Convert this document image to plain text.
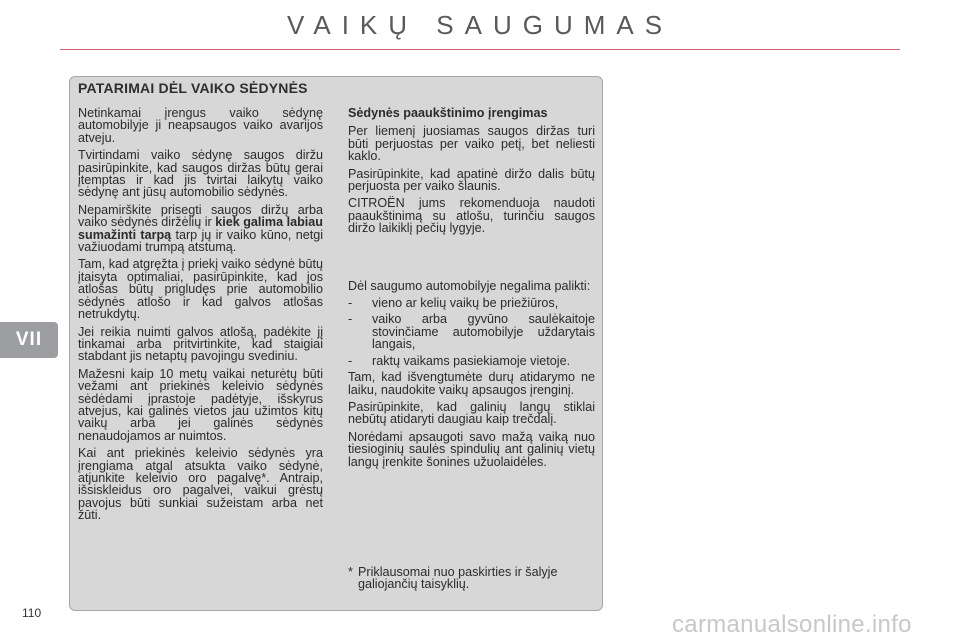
VAIKŲ SAUGUMAS
VII
110
PATARIMAI DĖL VAIKO SĖDYNĖS

Netinkamai įrengus vaiko sėdynę automobilyje ji neapsaugos vaiko avarijos atveju.

Tvirtindami vaiko sėdynę saugos diržu pasirūpinkite, kad saugos diržas būtų gerai įtemptas ir kad jis tvirtai laikytų vaiko sėdynę ant jūsų automobilio sėdynės.

Nepamirškite prisegti saugos diržų arba vaiko sėdynės diržėlių ir kiek galima labiau sumažinti tarpą tarp jų ir vaiko kūno, netgi važiuodami trumpą atstumą.

Tam, kad atgręžta į priekį vaiko sėdynė būtų įtaisyta optimaliai, pasirūpinkite, kad jos atlošas būtų prigludęs prie automobilio sėdynės atlošo ir kad galvos atlošas netrukdytų.

Jei reikia nuimti galvos atlošą, padėkite jį tinkamai arba pritvirtinkite, kad staigiai stabdant jis netaptų pavojingu svediniu.

Mažesni kaip 10 metų vaikai neturėtų būti vežami ant priekinės keleivio sėdynės sėdėdami įprastoje padėtyje, išskyrus atvejus, kai galinės vietos jau užimtos kitų vaikų arba jei galinės sėdynės nenaudojamos ar nuimtos.

Kai ant priekinės keleivio sėdynės yra įrengiama atgal atsukta vaiko sėdynė, atjunkite keleivio oro pagalvę*. Antraip, išsiskleidus oro pagalvei, vaikui grėstų pavojus būti sunkiai sužeistam arba net žūti.

Sėdynės paaukštinimo įrengimas

Per liemenį juosiamas saugos diržas turi būti perjuostas per vaiko petį, bet neliesti kaklo.

Pasirūpinkite, kad apatinė diržo dalis būtų perjuosta per vaiko šlaunis.

CITROËN jums rekomenduoja naudoti paaukštinimą su atlošu, turinčiu saugos diržo laikiklį pečių lygyje.

Dėl saugumo automobilyje negalima palikti:

-	vieno ar kelių vaikų be priežiūros,
-	vaiko arba gyvūno saulėkaitoje stovinčiame automobilyje uždarytais langais,
-	raktų vaikams pasiekiamoje vietoje.

Tam, kad išvengtumėte durų atidarymo ne laiku, naudokite vaikų apsaugos įrenginį.

Pasirūpinkite, kad galinių langų stiklai nebūtų atidaryti daugiau kaip trečdalį.

Norėdami apsaugoti savo mažą vaiką nuo tiesioginių saulės spindulių ant galinių vietų langų įrenkite šonines užuolaidėles.

* Priklausomai nuo paskirties ir šalyje galiojančių taisyklių.
carmanualsonline.info
